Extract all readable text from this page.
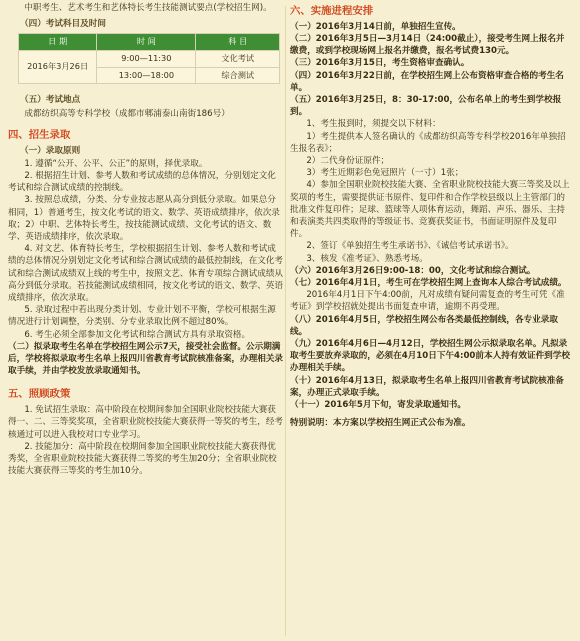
中职考生、艺术考生和艺体特长考生技能测试要点(学校招生网)。

（四）考试科目及时间

日 期	时 间	科 目
2016年3月26日	9:00—11:30	文化考试
	13:00—18:00	综合测试

（五）考试地点

成都纺织高等专科学校（成都市郫浦泰山南街186号）

四、招生录取

（一）录取原则

1. 遵循“公开、公平、公正”的原则，择优录取。

2. 根据招生计划、参考人数和考试成绩的总体情况，分别划定文化考试和综合测试成绩的控制线。

3. 按照总成绩，分类、分专业按志愿从高分到低分录取。如果总分相同，1）普通考生，按文化考试的语文、数学、英语成绩排序，依次录取；2）中职、艺体特长考生，按技能测试成绩、文化考试的语文、数学、英语成绩排序，依次录取。

4. 对文艺、体育特长考生，学校根据招生计划、参考人数和考试成绩的总体情况分别划定文化考试和综合测试成绩的最低控制线，在文化考试和综合测试成绩双上线的考生中，按照文艺、体育专项综合测试成绩从高分到低分录取。若技能测试成绩相同，按文化考试的语文、数学、英语成绩排序，依次录取。

5. 录取过程中若出现分类计划、专业计划不平衡，学校可根据生源情况进行计划调整，分类别、分专业录取比例不超过80%。

6. 考生必须全部参加文化考试和综合测试方具有录取资格。

（二）拟录取考生名单在学校招生网公示7天，接受社会监督。公示期满后，学校将拟录取考生名单上报四川省教育考试院核准备案，办理相关录取手续，并由学校发放录取通知书。

五、照顾政策

1. 免试招生录取：高中阶段在校期间参加全国职业院校技能大赛获得一、二、三等奖奖项，全省职业院校技能大赛获得一等奖的考生，经考核通过可以进入我校对口专业学习。

2. 技能加分：高中阶段在校期间参加全国职业院校技能大赛获得优秀奖，全省职业院校技能大赛获得二等奖的考生加20分；全省职业院校技能大赛获得三等奖的考生加10分。

六、实施进程安排

（一）2016年3月14日前，单独招生宣传。

（二）2016年3月5日—3月14日（24:00截止），接受考生网上报名并缴费，或到学校现场网上报名并缴费，报名考试费130元。

（三）2016年3月15日，考生资格审查确认。

（四）2016年3月22日前，在学校招生网上公布资格审查合格的考生名单。

（五）2016年3月25日，8：30-17:00，公布名单上的考生到学校报到。

1、考生报到时，须提交以下材料：

1）考生提供本人签名确认的《成都纺织高等专科学校2016年单独招生报名表》；

2）二代身份证原件；

3）考生近期彩色免冠照片（一寸）1张；

4）参加全国职业院校技能大赛、全省职业院校技能大赛三等奖及以上奖项的考生，需要提供证书原件、复印件和合作学校县级以上主管部门的批准文件复印件；足球、篮球等人项体育运动，舞蹈、声乐、器乐、主持和表演类共四类取得的等级证书、竞赛获奖证书，书面证明原件及复印件。

2、签订《单独招生考生承诺书》、《诚信考试承诺书》。

3、核发《准考证》、熟悉考场。

（六）2016年3月26日9:00-18：00，文化考试和综合测试。

（七）2016年4月1日，考生可在学校招生网上查询本人综合考试成绩。

2016年4月1日下午4:00前，凡对成绩有疑问需复查的考生可凭《准考证》到学校招就处提出书面复查申请，逾期不再受理。

（八）2016年4月5日，学校招生网公布各类最低控制线，各专业录取线。

（九）2016年4月6日—4月12日，学校招生网公示拟录取名单。凡拟录取考生要放弃录取的，必须在4月10日下午4:00前本人持有效证件到学校办理相关手续。

（十）2016年4月13日，拟录取考生名单上报四川省教育考试院核准备案，办理正式录取手续。

（十一）2016年5月下旬，寄发录取通知书。

特别说明：本方案以学校招生网正式公布为准。
